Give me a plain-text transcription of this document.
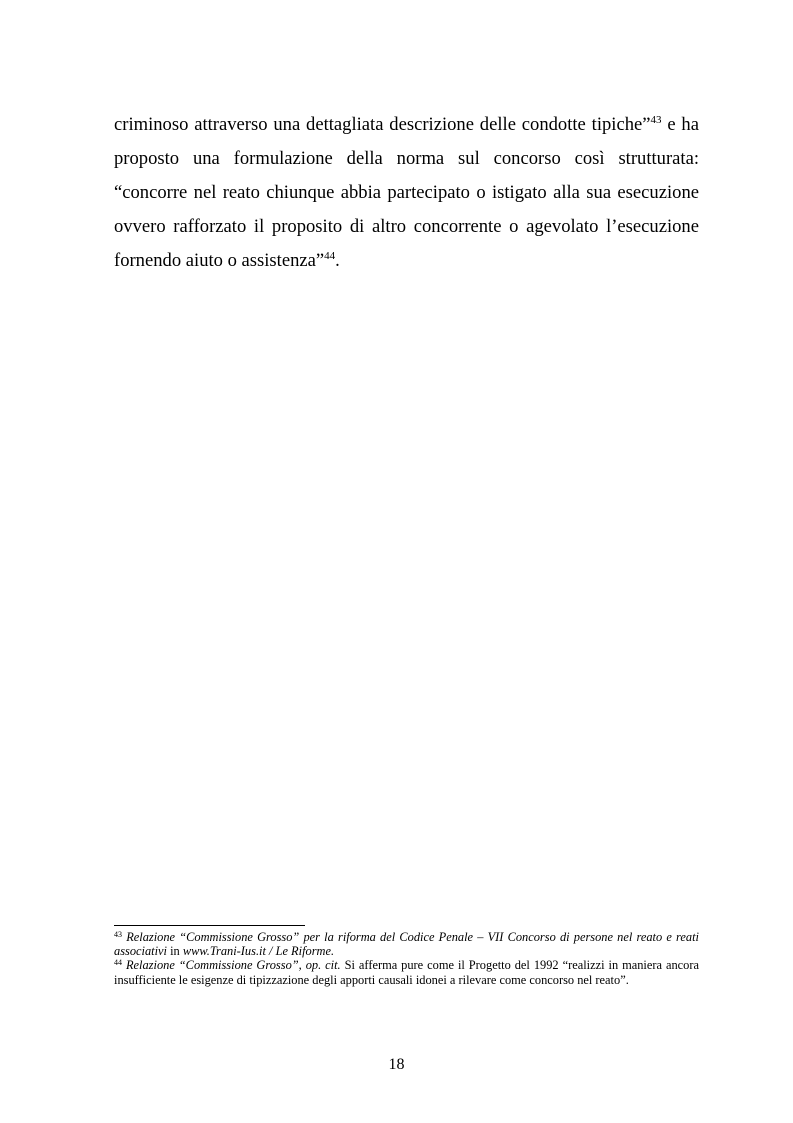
criminoso attraverso una dettagliata descrizione delle condotte tipiche”$^{43}$ e ha proposto una formulazione della norma sul concorso così strutturata: “concorre nel reato chiunque abbia partecipato o istigato alla sua esecuzione ovvero rafforzato il proposito di altro concorrente o agevolato l’esecuzione fornendo aiuto o assistenza”$^{44}$.

$^{43}$ Relazione “Commissione Grosso” per la riforma del Codice Penale – VII Concorso di persone nel reato e reati associativi in www.Trani-Ius.it / Le Riforme.

$^{44}$ Relazione “Commissione Grosso”, op. cit. Si afferma pure come il Progetto del 1992 “realizzi in maniera ancora insufficiente le esigenze di tipizzazione degli apporti causali idonei a rilevare come concorso nel reato”.

18
